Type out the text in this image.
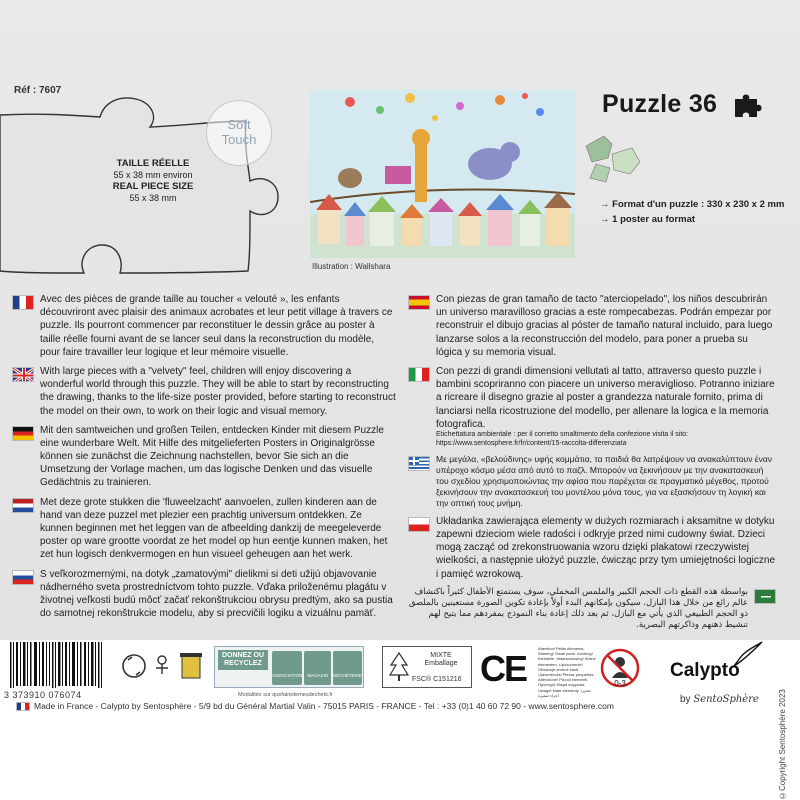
Réf : 7607
Soft
Touch
TAILLE RÉELLE
55 x 38 mm environ
REAL PIECE SIZE
55 x 38 mm
Illustration : Wallshara
Puzzle 36
→ Format d'un puzzle : 330 x 230 x 2 mm
→ 1 poster au format
Avec des pièces de grande taille au toucher « velouté », les enfants découvriront avec plaisir des animaux acrobates et leur petit village à travers ce puzzle. Ils pourront commencer par reconstituer le dessin grâce au poster à taille réelle fourni avant de se lancer seul dans la reconstruction du modèle, pour faire travailler leur logique et leur mémoire visuelle.
With large pieces with a "velvety" feel, children will enjoy discovering a wonderful world through this puzzle. They will be able to start by reconstructing the drawing, thanks to the life-size poster provided, before starting to reconstruct the model on their own, to work on their logic and visual memory.
Mit den samtweichen und großen Teilen, entdecken Kinder mit diesem Puzzle eine wunderbare Welt. Mit Hilfe des mitgelieferten Posters in Originalgrösse können sie zunächst die Zeichnung nachstellen, bevor Sie sich an die Umsetzung der Vorlage machen, um das logische Denken und das visuelle Gedächtnis zu trainieren.
Met deze grote stukken die 'fluweelzacht' aanvoelen, zullen kinderen aan de hand van deze puzzel met plezier een prachtig universum ontdekken. Ze kunnen beginnen met het leggen van de afbeelding dankzij de meegeleverde poster op ware grootte voordat ze het model op hun eentje kunnen maken, het zet hun logisch denkvermogen en hun visueel geheugen aan het werk.
S veľkorozmernými, na dotyk „zamatovými" dielikmi si deti užijú objavovanie nádherného sveta prostredníctvom tohto puzzle. Vďaka priloženému plagátu v životnej veľkosti budú môcť začať rekonštrukciou obrysu predtým, ako sa pustia do samotnej rekonštrukcie modelu, aby si precvičili logiku a vizuálnu pamäť.
Con piezas de gran tamaño de tacto "aterciopelado", los niños descubrirán un universo maravilloso gracias a este rompecabezas. Podrán empezar por reconstruir el dibujo gracias al póster de tamaño natural incluido, para luego lanzarse solos a la reconstrucción del modelo, para poner a prueba su lógica y su memoria visual.
Con pezzi di grandi dimensioni vellutati al tatto, attraverso questo puzzle i bambini scopriranno con piacere un universo meraviglioso. Potranno iniziare a ricreare il disegno grazie al poster a grandezza naturale fornito, prima di lanciarsi nella ricostruzione del modello, per allenare la logica e la memoria fotografica.
Etichettatura ambientale : per il corretto smaltimento della confezione visita il sito: https://www.sentosphere.fr/fr/content/15-raccolta-differenziata
Με μεγάλα, «βελούδινης» υφής κομμάτια, τα παιδιά θα λατρέψουν να ανακαλύπτουν έναν υπέροχο κόσμο μέσα από αυτό το παζλ. Μπορούν να ξεκινήσουν με την ανακατασκευή του σχεδίου χρησιμοποιώντας την αφίσα που παρέχεται σε πραγματικό μέγεθος, προτού ξεκινήσουν την ανακατασκευή του μοντέλου μόνα τους, για να εξασκήσουν τη λογική και την οπτική τους μνήμη.
Układanka zawierająca elementy w dużych rozmiarach i aksamitne w dotyku zapewni dzieciom wiele radości i odkryje przed nimi cudowny świat. Dzieci mogą zacząć od zrekonstruowania wzoru dzięki plakatowi rzeczywistej wielkości, a następnie ułożyć puzzle, ćwicząc przy tym umiejętności logiczne i pamięć wzrokową.
بواسطة هذه القطع ذات الحجم الكبير والملمس المخملي، سوف يستمتع الأطفال كثيراً باكتشاف عالم رائع من خلال هذا البازل. سيكون بإمكانهم البدء أولاً بإعادة تكوين الصورة مستعينين بالملصق ذو الحجم الطبيعي الذي يأتي مع البازل، ثم بعد ذلك إعادة بناء النموذج بمفردهم مما يتيح لهم تنشيط ذهنهم وذاكرتهم البصرية.
©Copyright Sentosphère 2023
3 373910 076074
DONNEZ OU RECYCLEZ
ASSOCIATION	MAGASIN	DÉCHÈTERIE
Modalités sur quefairedemesdechets.fr
MIXTE
Emballage
FSC® C151216 CE	Attention! Petits éléments. Warning! Small parts. Achtung! Kleinteile. Waarschuwing! Kleine elementen. Upozornenie! Obsahuje drobné časti. ¡Advertencia! Piezas pequeñas. Attenzione! Piccoli elementi. Προσοχή! Μικρά κομμάτια. Uwaga! Małe elementy. تحذير! أجزاء صغيرة
0-3
Calypto
by SentoSphère
Made in France - Calypto by Sentosphère - 5/9 bd du Général Martial Valin - 75015 PARIS - FRANCE - Tel : +33 (0)1 40 60 72 90 - www.sentosphere.com
